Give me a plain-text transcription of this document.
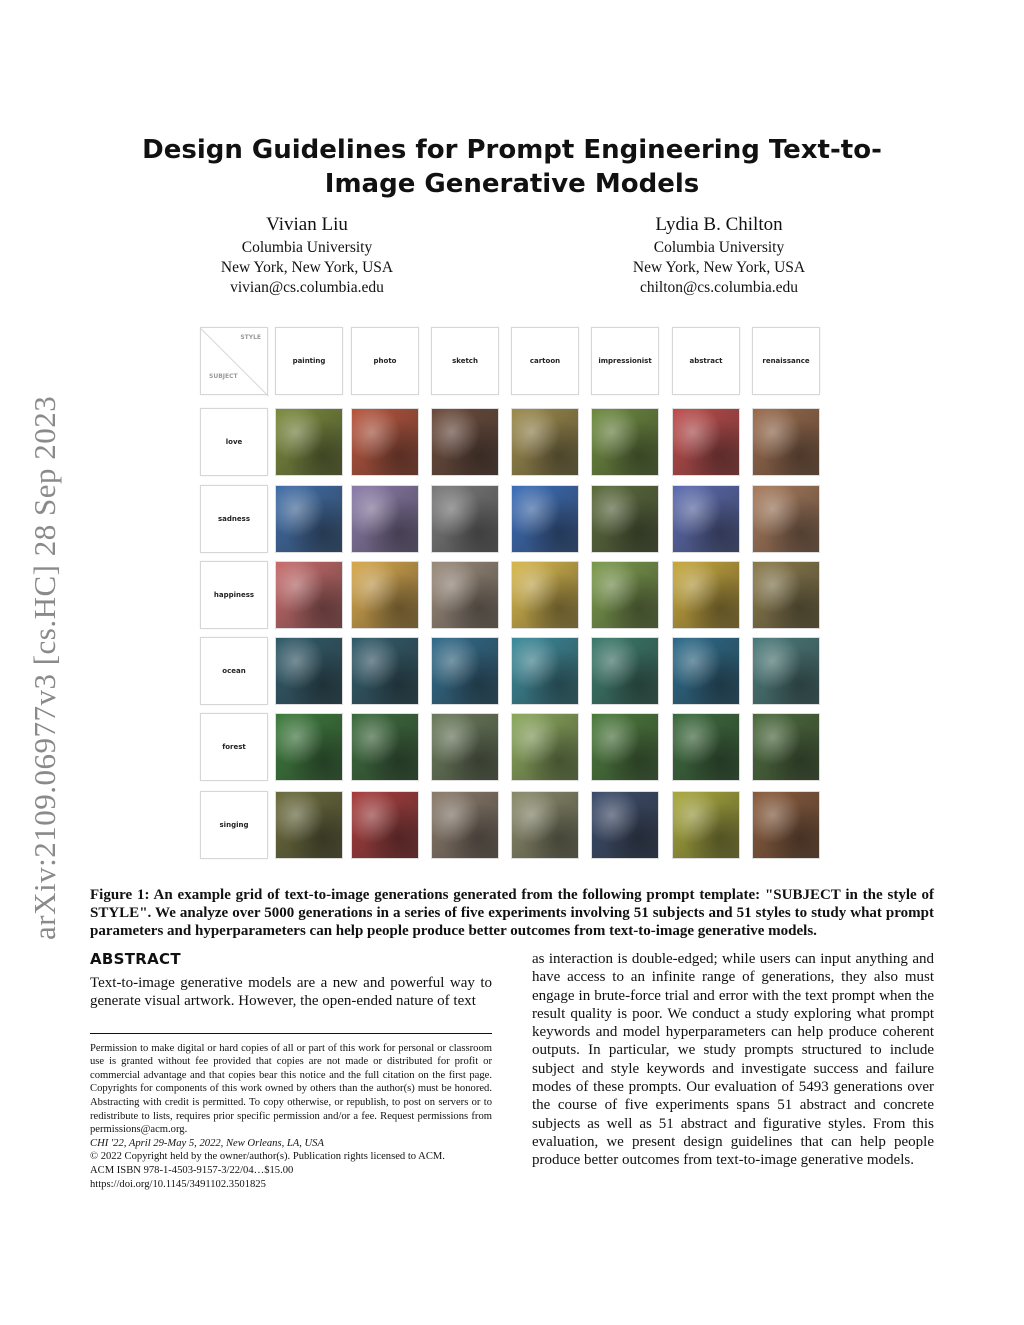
arXiv:2109.06977v3 [cs.HC] 28 Sep 2023
Design Guidelines for Prompt Engineering Text-to-Image Generative Models
Vivian Liu
Columbia University
New York, New York, USA
vivian@cs.columbia.edu
Lydia B. Chilton
Columbia University
New York, New York, USA
chilton@cs.columbia.edu
STYLE
SUBJECT
painting	photo	sketch	cartoon	impressionist	abstract	renaissance
love
sadness
happiness
ocean
forest
singing
Figure 1: An example grid of text-to-image generations generated from the following prompt template: "SUBJECT in the style of STYLE". We analyze over 5000 generations in a series of five experiments involving 51 subjects and 51 styles to study what prompt parameters and hyperparameters can help people produce better outcomes from text-to-image generative models.
ABSTRACT

Text-to-image generative models are a new and powerful way to generate visual artwork. However, the open-ended nature of text

Permission to make digital or hard copies of all or part of this work for personal or classroom use is granted without fee provided that copies are not made or distributed for profit or commercial advantage and that copies bear this notice and the full citation on the first page. Copyrights for components of this work owned by others than the author(s) must be honored. Abstracting with credit is permitted. To copy otherwise, or republish, to post on servers or to redistribute to lists, requires prior specific permission and/or a fee. Request permissions from permissions@acm.org.

CHI '22, April 29-May 5, 2022, New Orleans, LA, USA

© 2022 Copyright held by the owner/author(s). Publication rights licensed to ACM.

ACM ISBN 978-1-4503-9157-3/22/04…$15.00

https://doi.org/10.1145/3491102.3501825

as interaction is double-edged; while users can input anything and have access to an infinite range of generations, they also must engage in brute-force trial and error with the text prompt when the result quality is poor. We conduct a study exploring what prompt keywords and model hyperparameters can help produce coherent outputs. In particular, we study prompts structured to include subject and style keywords and investigate success and failure modes of these prompts. Our evaluation of 5493 generations over the course of five experiments spans 51 abstract and concrete subjects as well as 51 abstract and figurative styles. From this evaluation, we present design guidelines that can help people produce better outcomes from text-to-image generative models.
